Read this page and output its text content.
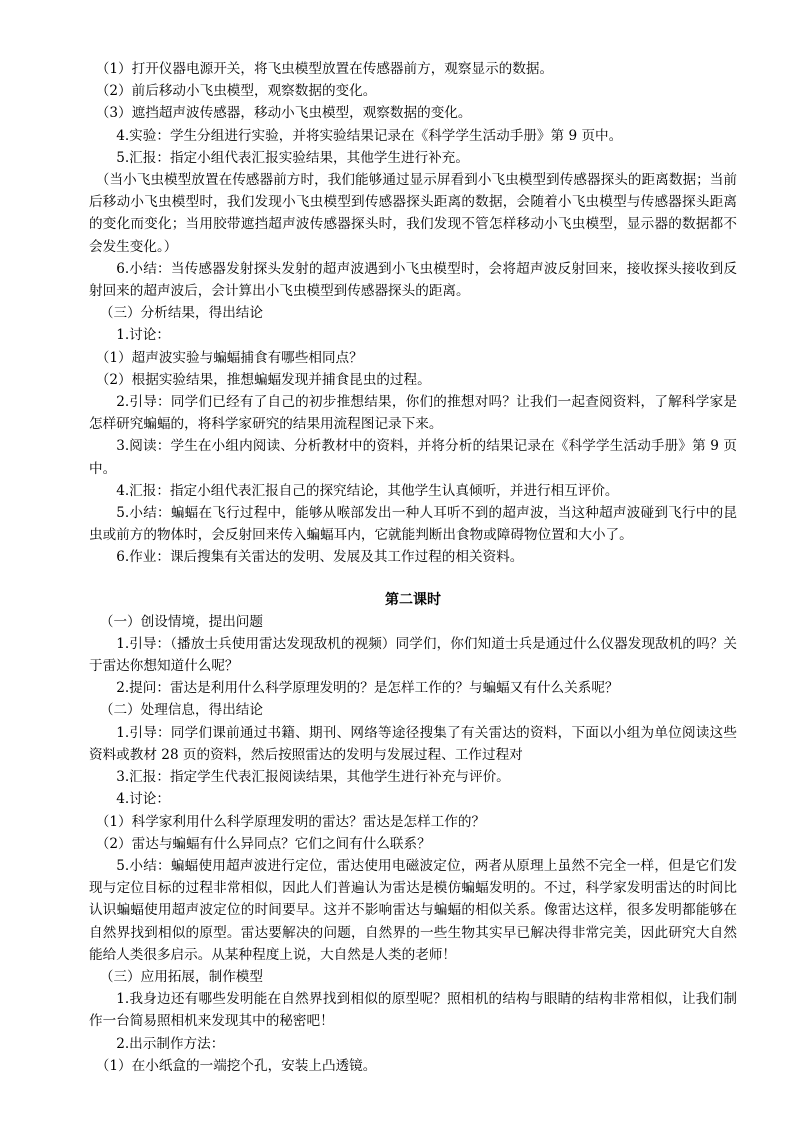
（1）打开仪器电源开关，将飞虫模型放置在传感器前方，观察显示的数据。

（2）前后移动小飞虫模型，观察数据的变化。

（3）遮挡超声波传感器，移动小飞虫模型，观察数据的变化。

4.实验：学生分组进行实验，并将实验结果记录在《科学学生活动手册》第 9 页中。

5.汇报：指定小组代表汇报实验结果，其他学生进行补充。

（当小飞虫模型放置在传感器前方时，我们能够通过显示屏看到小飞虫模型到传感器探头的距离数据；当前后移动小飞虫模型时，我们发现小飞虫模型到传感器探头距离的数据，会随着小飞虫模型与传感器探头距离的变化而变化；当用胶带遮挡超声波传感器探头时，我们发现不管怎样移动小飞虫模型，显示器的数据都不会发生变化。）

6.小结：当传感器发射探头发射的超声波遇到小飞虫模型时，会将超声波反射回来，接收探头接收到反射回来的超声波后，会计算出小飞虫模型到传感器探头的距离。

（三）分析结果，得出结论

1.讨论：

（1）超声波实验与蝙蝠捕食有哪些相同点？

（2）根据实验结果，推想蝙蝠发现并捕食昆虫的过程。

2.引导：同学们已经有了自己的初步推想结果，你们的推想对吗？让我们一起查阅资料，了解科学家是怎样研究蝙蝠的，将科学家研究的结果用流程图记录下来。

3.阅读：学生在小组内阅读、分析教材中的资料，并将分析的结果记录在《科学学生活动手册》第 9 页中。

4.汇报：指定小组代表汇报自己的探究结论，其他学生认真倾听，并进行相互评价。

5.小结：蝙蝠在飞行过程中，能够从喉部发出一种人耳听不到的超声波，当这种超声波碰到飞行中的昆虫或前方的物体时，会反射回来传入蝙蝠耳内，它就能判断出食物或障碍物位置和大小了。

6.作业：课后搜集有关雷达的发明、发展及其工作过程的相关资料。

第二课时

（一）创设情境，提出问题

1.引导：（播放士兵使用雷达发现敌机的视频）同学们，你们知道士兵是通过什么仪器发现敌机的吗？关于雷达你想知道什么呢？

2.提问：雷达是利用什么科学原理发明的？是怎样工作的？与蝙蝠又有什么关系呢？

（二）处理信息，得出结论

1.引导：同学们课前通过书籍、期刊、网络等途径搜集了有关雷达的资料，下面以小组为单位阅读这些资料或教材 28 页的资料，然后按照雷达的发明与发展过程、工作过程对

3.汇报：指定学生代表汇报阅读结果，其他学生进行补充与评价。

4.讨论：

（1）科学家利用什么科学原理发明的雷达？雷达是怎样工作的？

（2）雷达与蝙蝠有什么异同点？它们之间有什么联系？

5.小结：蝙蝠使用超声波进行定位，雷达使用电磁波定位，两者从原理上虽然不完全一样，但是它们发现与定位目标的过程非常相似，因此人们普遍认为雷达是模仿蝙蝠发明的。不过，科学家发明雷达的时间比认识蝙蝠使用超声波定位的时间要早。这并不影响雷达与蝙蝠的相似关系。像雷达这样，很多发明都能够在自然界找到相似的原型。雷达要解决的问题，自然界的一些生物其实早已解决得非常完美，因此研究大自然能给人类很多启示。从某种程度上说，大自然是人类的老师！

（三）应用拓展，制作模型

1.我身边还有哪些发明能在自然界找到相似的原型呢？照相机的结构与眼睛的结构非常相似，让我们制作一台简易照相机来发现其中的秘密吧！

2.出示制作方法：

（1）在小纸盒的一端挖个孔，安装上凸透镜。
